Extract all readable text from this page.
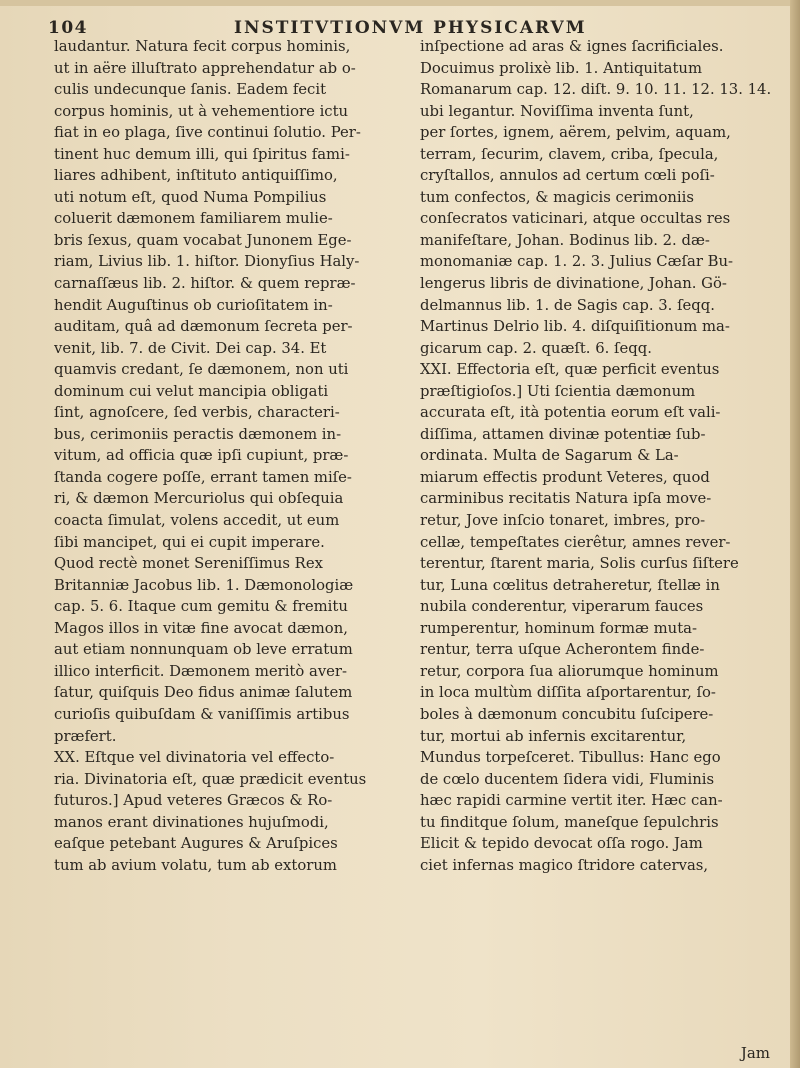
104	INSTITVTIONVM PHYSICARVM
laudantur. Natura fecit corpus hominis,
ut in aëre illuſtrato apprehendatur ab o-
culis undecunque ſanis. Eadem fecit
corpus hominis, ut à vehementiore ictu
fiat in eo plaga, ſive continui ſolutio. Per-
tinent huc demum illi, qui ſpiritus fami-
liares adhibent, inſtituto antiquiſſimo,
uti notum eſt, quod Numa Pompilius
coluerit dæmonem familiarem mulie-
bris ſexus, quam vocabat Junonem Ege-
riam, Livius lib. 1. hiſtor. Dionyſius Haly-
carnaſſæus lib. 2. hiſtor. & quem repræ-
hendit Auguſtinus ob curioſitatem in-
auditam, quâ ad dæmonum ſecreta per-
venit, lib. 7. de Civit. Dei cap. 34. Et
quamvis credant, ſe dæmonem, non uti
dominum cui velut mancipia obligati
ſint, agnoſcere, ſed verbis, characteri-
bus, cerimoniis peractis dæmonem in-
vitum, ad officia quæ ipſi cupiunt, præ-
ſtanda cogere poſſe, errant tamen miſe-
ri, & dæmon Mercuriolus qui obſequia
coacta ſimulat, volens accedit, ut eum
ſibi mancipet, qui ei cupit imperare.
Quod rectè monet Sereniſſimus Rex
Britanniæ Jacobus lib. 1. Dæmonologiæ
cap. 5. 6. Itaque cum gemitu & fremitu
Magos illos in vitæ fine avocat dæmon,
aut etiam nonnunquam ob leve erratum
illico interficit. Dæmonem meritò aver-
ſatur, quiſquis Deo fidus animæ ſalutem
curioſis quibuſdam & vaniſſimis artibus
præfert.
XX. Eſtque vel divinatoria vel effecto-
ria. Divinatoria eſt, quæ prædicit eventus
futuros.] Apud veteres Græcos & Ro-
manos erant divinationes hujuſmodi,
eaſque petebant Augures & Aruſpices
tum ab avium volatu, tum ab extorum
inſpectione ad aras & ignes ſacrificiales.
Docuimus prolixè lib. 1. Antiquitatum
Romanarum cap. 12. diſt. 9. 10. 11. 12. 13. 14.
ubi legantur. Noviſſima inventa ſunt,
per ſortes, ignem, aërem, pelvim, aquam,
terram, ſecurim, clavem, criba, ſpecula,
cryſtallos, annulos ad certum cœli poſi-
tum confectos, & magicis cerimoniis
conſecratos vaticinari, atque occultas res
manifeſtare, Johan. Bodinus lib. 2. dæ-
monomaniæ cap. 1. 2. 3. Julius Cæſar Bu-
lengerus libris de divinatione, Johan. Gö-
delmannus lib. 1. de Sagis cap. 3. ſeqq.
Martinus Delrio lib. 4. diſquiſitionum ma-
gicarum cap. 2. quæſt. 6. ſeqq.
XXI. Effectoria eſt, quæ perficit eventus
præſtigioſos.] Uti ſcientia dæmonum
accurata eſt, ità potentia eorum eſt vali-
diſſima, attamen divinæ potentiæ ſub-
ordinata. Multa de Sagarum & La-
miarum effectis produnt Veteres, quod
carminibus recitatis Natura ipſa move-
retur, Jove inſcio tonaret, imbres, pro-
cellæ, tempeſtates cierêtur, amnes rever-
terentur, ſtarent maria, Solis curſus ſiſtere
tur, Luna cœlitus detraheretur, ſtellæ in
nubila conderentur, viperarum fauces
rumperentur, hominum formæ muta-
rentur, terra uſque Acherontem finde-
retur, corpora ſua aliorumque hominum
in loca multùm diſſita aſportarentur, ſo-
boles à dæmonum concubitu ſuſcipere-
tur, mortui ab infernis excitarentur,
Mundus torpeſceret. Tibullus: Hanc ego
de cœlo ducentem ſidera vidi, Fluminis
hæc rapidi carmine vertit iter. Hæc can-
tu finditque ſolum, maneſque ſepulchris
Elicit & tepido devocat oſſa rogo. Jam
ciet infernas magico ſtridore catervas,
Jam
